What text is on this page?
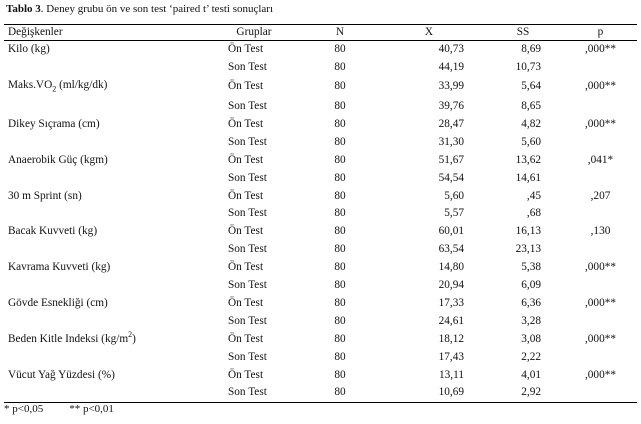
Tablo 3. Deney grubu ön ve son test ‘paired t’ testi sonuçları
Değişkenler	Gruplar	N	X	SS	p
Kilo (kg)	Ön Test	80	40,73	8,69	,000**
	Son Test	80	44,19	10,73	
$Maks.VO_2$ (ml/kg/dk)	Ön Test	80	33,99	5,64	,000**
	Son Test	80	39,76	8,65	
Dikey Sıçrama (cm)	Ön Test	80	28,47	4,82	,000**
	Son Test	80	31,30	5,60	
Anaerobik Güç (kgm)	Ön Test	80	51,67	13,62	,041*
	Son Test	80	54,54	14,61	
30 m Sprint (sn)	Ön Test	80	5,60	,45	,207
	Son Test	80	5,57	,68	
Bacak Kuvveti (kg)	Ön Test	80	60,01	16,13	,130
	Son Test	80	63,54	23,13	
Kavrama Kuvveti (kg)	Ön Test	80	14,80	5,38	,000**
	Son Test	80	20,94	6,09	
Gövde Esnekliği (cm)	Ön Test	80	17,33	6,36	,000**
	Son Test	80	24,61	3,28	
Beden Kitle Indeksi $(kg/m^2)$	Ön Test	80	18,12	3,08	,000**
	Son Test	80	17,43	2,22	
Vücut Yağ Yüzdesi (%)	Ön Test	80	13,11	4,01	,000**
	Son Test	80	10,69	2,92	
* p<0,05 ** p<0,01
